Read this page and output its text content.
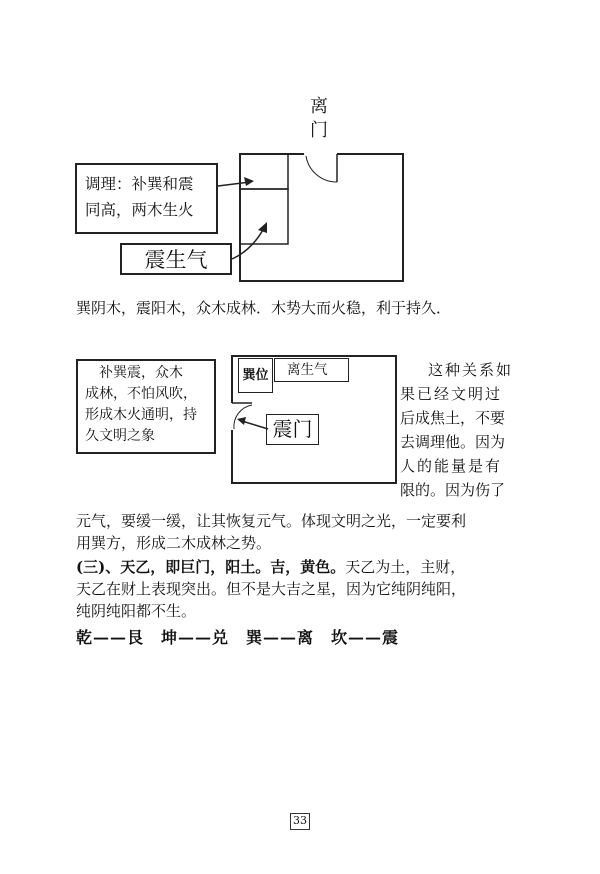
离
门
调理：补巽和震
同高，两木生火
震生气
巽阴木，震阳木，众木成林．木势大而火稳，利于持久．
补巽震，众木
成林，不怕风吹，
形成木火通明，持
久文明之象
巽位	离生气
震门
这种关系如
果已经文明过
后成焦土，不要
去调理他。因为
人的能量是有
限的。因为伤了
元气，要缓一缓，让其恢复元气。体现文明之光，一定要利
用巽方，形成二木成林之势。
(三)、天乙，即巨门，阳土。吉，黄色。天乙为土，主财，
天乙在财上表现突出。但不是大吉之星，因为它纯阴纯阳，
纯阴纯阳都不生。
乾——艮　坤——兑　巽——离　坎——震
33
